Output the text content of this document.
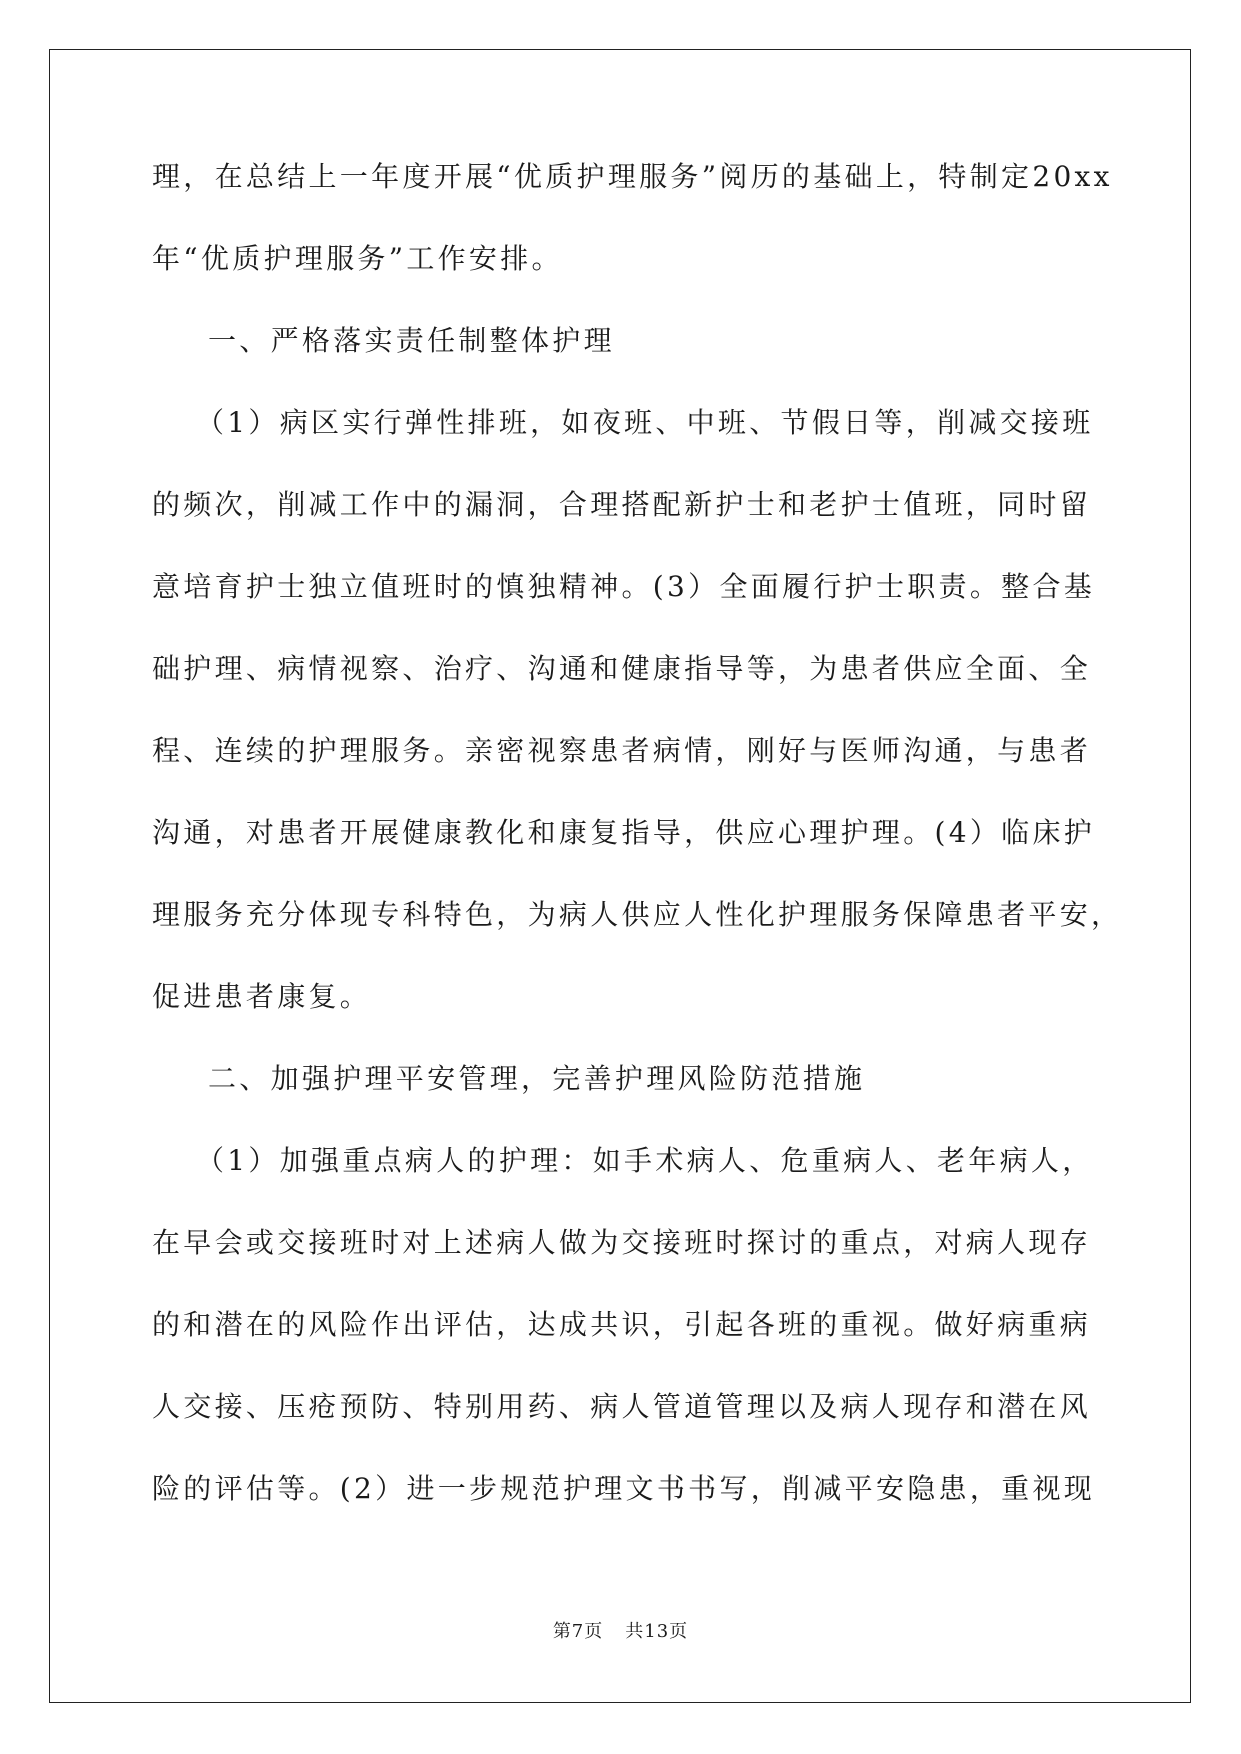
理，在总结上一年度开展“优质护理服务”阅历的基础上，特制定20xx
年“优质护理服务”工作安排。
一、严格落实责任制整体护理
（1）病区实行弹性排班，如夜班、中班、节假日等，削减交接班
的频次，削减工作中的漏洞，合理搭配新护士和老护士值班，同时留
意培育护士独立值班时的慎独精神。(3）全面履行护士职责。整合基
础护理、病情视察、治疗、沟通和健康指导等，为患者供应全面、全
程、连续的护理服务。亲密视察患者病情，刚好与医师沟通，与患者
沟通，对患者开展健康教化和康复指导，供应心理护理。(4）临床护
理服务充分体现专科特色，为病人供应人性化护理服务保障患者平安，
促进患者康复。
二、加强护理平安管理，完善护理风险防范措施
（1）加强重点病人的护理：如手术病人、危重病人、老年病人，
在早会或交接班时对上述病人做为交接班时探讨的重点，对病人现存
的和潜在的风险作出评估，达成共识，引起各班的重视。做好病重病
人交接、压疮预防、特别用药、病人管道管理以及病人现存和潜在风
险的评估等。(2）进一步规范护理文书书写，削减平安隐患，重视现
第7页 共13页
